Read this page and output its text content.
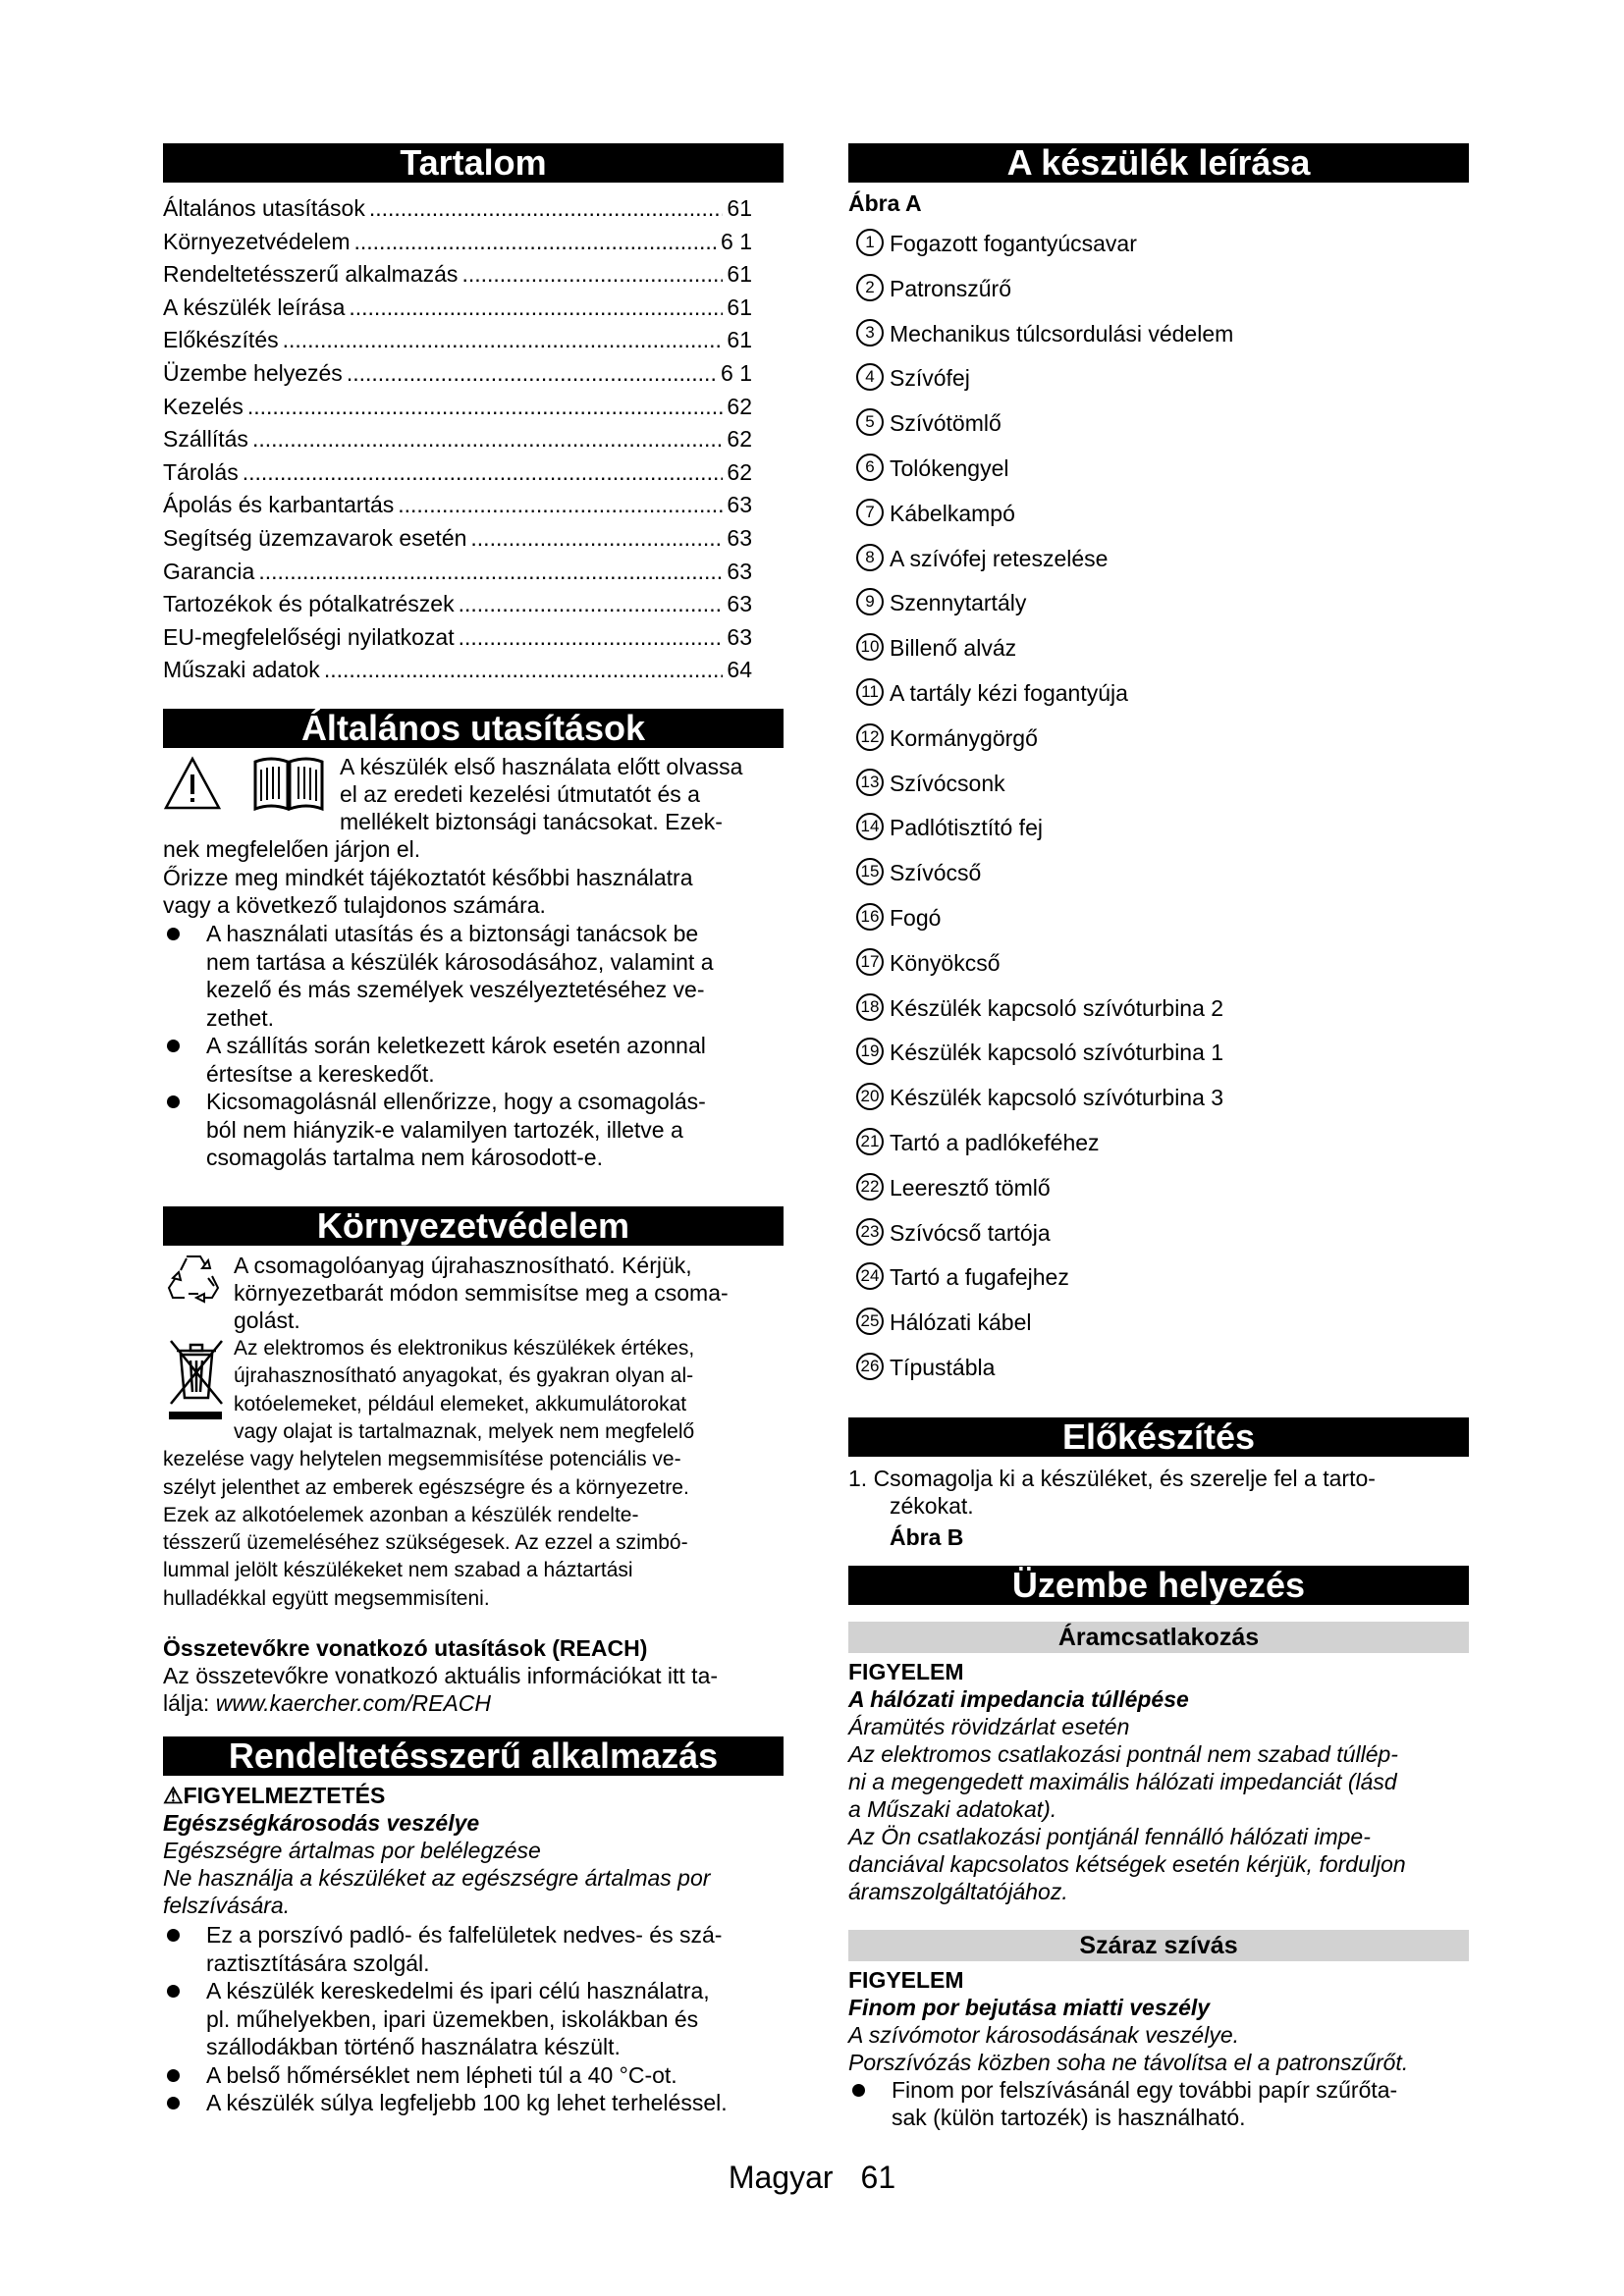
Tartalom
Általános utasítások .....	61
Környezetvédelem .....	6 1
Rendeltetésszerű alkalmazás .....	61
A készülék leírása .....	61
Előkészítés .....	61
Üzembe helyezés .....	6 1
Kezelés .....	62
Szállítás .....	62
Tárolás .....	62
Ápolás és karbantartás .....	63
Segítség üzemzavarok esetén .....	63
Garancia .....	63
Tartozékok és pótalkatrészek .....	63
EU-megfelelőségi nyilatkozat .....	63
Műszaki adatok .....	64
Általános utasítások
A készülék első használata előtt olvassa
el az eredeti kezelési útmutatót és a
mellékelt biztonsági tanácsokat. Ezek-
nek megfelelően járjon el.
Őrizze meg mindkét tájékoztatót későbbi használatra
vagy a következő tulajdonos számára.
A használati utasítás és a biztonsági tanácsok be
nem tartása a készülék károsodásához, valamint a
kezelő és más személyek veszélyeztetéséhez ve-
zethet.
A szállítás során keletkezett károk esetén azonnal
értesítse a kereskedőt.
Kicsomagolásnál ellenőrizze, hogy a csomagolás-
ból nem hiányzik-e valamilyen tartozék, illetve a
csomagolás tartalma nem károsodott-e.
Környezetvédelem
A csomagolóanyag újrahasznosítható. Kérjük,
környezetbarát módon semmisítse meg a csoma-
golást.
Az elektromos és elektronikus készülékek értékes,
újrahasznosítható anyagokat, és gyakran olyan al-
kotóelemeket, például elemeket, akkumulátorokat
vagy olajat is tartalmaznak, melyek nem megfelelő
kezelése vagy helytelen megsemmisítése potenciális ve-
szélyt jelenthet az emberek egészségre és a környezetre.
Ezek az alkotóelemek azonban a készülék rendelte-
tésszerű üzemeléséhez szükségesek. Az ezzel a szimbó-
lummal jelölt készülékeket nem szabad a háztartási
hulladékkal együtt megsemmisíteni.
Összetevőkre vonatkozó utasítások (REACH)
Az összetevőkre vonatkozó aktuális információkat itt ta-
lálja: www.kaercher.com/REACH
Rendeltetésszerű alkalmazás
⚠FIGYELMEZTETÉS
Egészségkárosodás veszélye
Egészségre ártalmas por belélegzése
Ne használja a készüléket az egészségre ártalmas por
felszívására.
Ez a porszívó padló- és falfelületek nedves- és szá-
raztisztítására szolgál.
A készülék kereskedelmi és ipari célú használatra,
pl. műhelyekben, ipari üzemekben, iskolákban és
szállodákban történő használatra készült.
A belső hőmérséklet nem lépheti túl a 40 °C-ot.
A készülék súlya legfeljebb 100 kg lehet terheléssel.
A készülék leírása
Ábra A
1 Fogazott fogantyúcsavar
2 Patronszűrő
3 Mechanikus túlcsordulási védelem
4 Szívófej
5 Szívótömlő
6 Tolókengyel
7 Kábelkampó
8 A szívófej reteszelése
9 Szennytartály
10 Billenő alváz
11 A tartály kézi fogantyúja
12 Kormánygörgő
13 Szívócsonk
14 Padlótisztító fej
15 Szívócső
16 Fogó
17 Könyökcső
18 Készülék kapcsoló szívóturbina 2
19 Készülék kapcsoló szívóturbina 1
20 Készülék kapcsoló szívóturbina 3
21 Tartó a padlókeféhez
22 Leeresztő tömlő
23 Szívócső tartója
24 Tartó a fugafejhez
25 Hálózati kábel
26 Típustábla
Előkészítés
1. Csomagolja ki a készüléket, és szerelje fel a tarto-
zékokat.
Ábra B
Üzembe helyezés
Áramcsatlakozás
FIGYELEM
A hálózati impedancia túllépése
Áramütés rövidzárlat esetén
Az elektromos csatlakozási pontnál nem szabad túllép-
ni a megengedett maximális hálózati impedanciát (lásd
a Műszaki adatokat).
Az Ön csatlakozási pontjánál fennálló hálózati impe-
danciával kapcsolatos kétségek esetén kérjük, forduljon
áramszolgáltatójához.
Száraz szívás
FIGYELEM
Finom por bejutása miatti veszély
A szívómotor károsodásának veszélye.
Porszívózás közben soha ne távolítsa el a patronszűrőt.
Finom por felszívásánál egy további papír szűrőta-
sak (külön tartozék) is használható.
Magyar 61
